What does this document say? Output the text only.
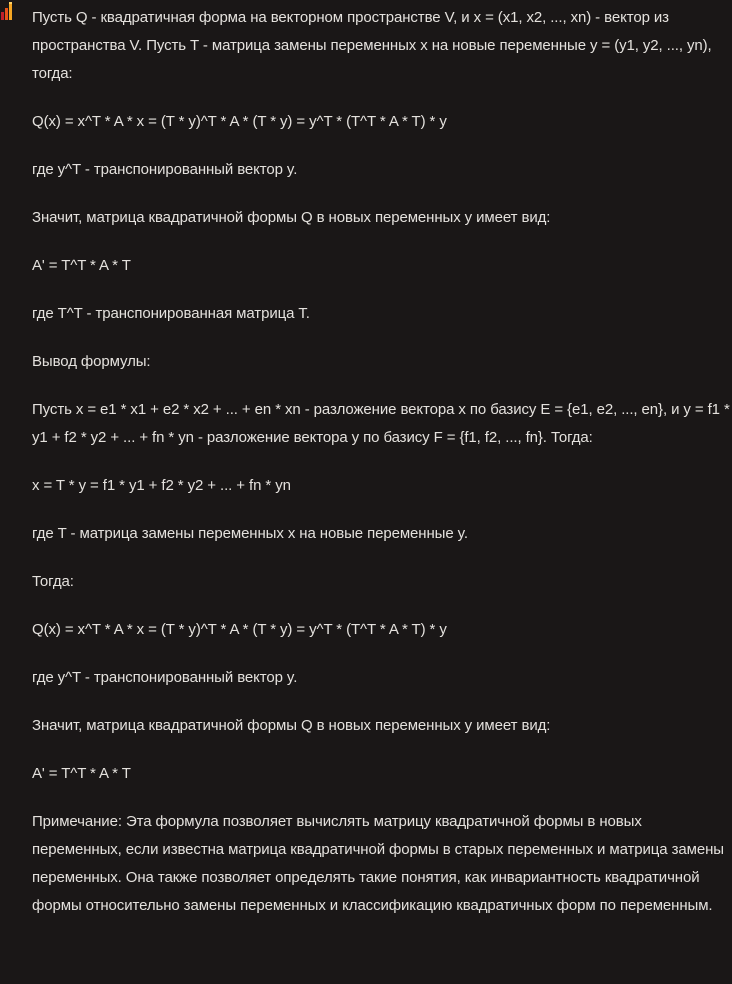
Пусть Q - квадратичная форма на векторном пространстве V, и x = (x1, x2, ..., xn) - вектор из пространства V. Пусть T - матрица замены переменных x на новые переменные y = (y1, y2, ..., yn), тогда:

Q(x) = x^T * A * x = (T * y)^T * A * (T * y) = y^T * (T^T * A * T) * y

где y^T - транспонированный вектор y.

Значит, матрица квадратичной формы Q в новых переменных y имеет вид:

A' = T^T * A * T

где T^T - транспонированная матрица T.

Вывод формулы:

Пусть x = e1 * x1 + e2 * x2 + ... + en * xn - разложение вектора x по базису E = {e1, e2, ..., en}, и y = f1 * y1 + f2 * y2 + ... + fn * yn - разложение вектора y по базису F = {f1, f2, ..., fn}. Тогда:

x = T * y = f1 * y1 + f2 * y2 + ... + fn * yn

где T - матрица замены переменных x на новые переменные y.

Тогда:

Q(x) = x^T * A * x = (T * y)^T * A * (T * y) = y^T * (T^T * A * T) * y

где y^T - транспонированный вектор y.

Значит, матрица квадратичной формы Q в новых переменных y имеет вид:

A' = T^T * A * T

Примечание: Эта формула позволяет вычислять матрицу квадратичной формы в новых переменных, если известна матрица квадратичной формы в старых переменных и матрица замены переменных. Она также позволяет определять такие понятия, как инвариантность квадратичной формы относительно замены переменных и классификацию квадратичных форм по переменным.
